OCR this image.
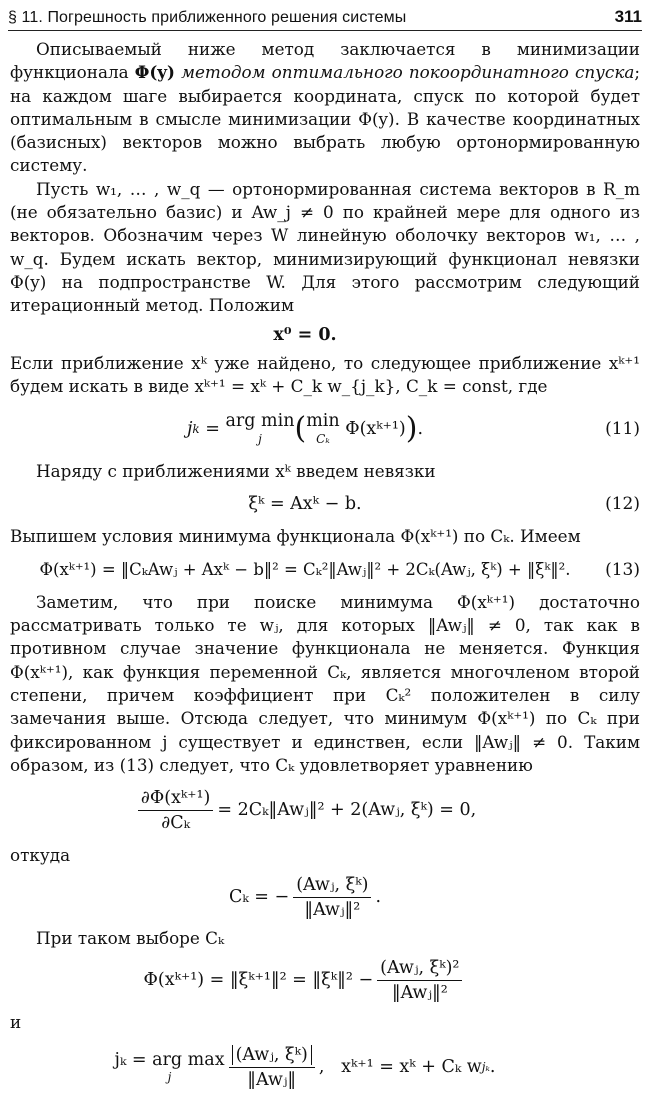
§ 11. Погрешность приближенного решения системы	311

Описываемый ниже метод заключается в минимизации функционала Φ(y) методом оптимального покоординатного спуска; на каждом шаге выбирается координата, спуск по которой будет оптимальным в смысле минимизации Φ(y). В качестве координатных (базисных) векторов можно выбрать любую ортонормированную систему.

Пусть w₁, … , w_q — ортонормированная система векторов в R_m (не обязательно базис) и Aw_j ≠ 0 по крайней мере для одного из векторов. Обозначим через W линейную оболочку векторов w₁, … , w_q. Будем искать вектор, минимизирующий функционал невязки Φ(y) на подпространстве W. Для этого рассмотрим следующий итерационный метод. Положим

x⁰ = 0.

Если приближение xᵏ уже найдено, то следующее приближение xᵏ⁺¹ будем искать в виде xᵏ⁺¹ = xᵏ + C_k w_{j_k}, C_k = const, где

j k = arg min
j	( min
Cₖ
Φ(xᵏ⁺¹) ) .	(11)

Наряду с приближениями xᵏ введем невязки

ξᵏ = Axᵏ − b.	(12)

Выпишем условия минимума функционала Φ(xᵏ⁺¹) по Cₖ. Имеем

Φ(xᵏ⁺¹) = ‖CₖAwⱼ + Axᵏ − b‖² = Cₖ²‖Awⱼ‖² + 2Cₖ(Awⱼ, ξᵏ) + ‖ξᵏ‖².	(13)

Заметим, что при поиске минимума Φ(xᵏ⁺¹) достаточно рассматривать только те wⱼ, для которых ‖Awⱼ‖ ≠ 0, так как в противном случае значение функционала не меняется. Функция Φ(xᵏ⁺¹), как функция переменной Cₖ, является многочленом второй степени, причем коэффициент при Cₖ² положителен в силу замечания выше. Отсюда следует, что минимум Φ(xᵏ⁺¹) по Cₖ при фиксированном j существует и единствен, если ‖Awⱼ‖ ≠ 0. Таким образом, из (13) следует, что Cₖ удовлетворяет уравнению

$\frac{\text{∂Φ(xᵏ⁺¹)}}{\text{∂Cₖ}}$ = 2Cₖ‖Awⱼ‖² + 2(Awⱼ, ξᵏ) = 0,
откуда
Cₖ = − $\frac{\text{(Awⱼ, ξᵏ)}}{\text{‖Awⱼ‖²}}$ .

При таком выборе Cₖ

Φ(xᵏ⁺¹) = ‖ξᵏ⁺¹‖² = ‖ξᵏ‖² − $\frac{\text{(Awⱼ, ξᵏ)²}}{\text{‖Awⱼ‖²}}$
и
jₖ = arg max
j	$\frac{\text{(Awⱼ, ξᵏ)}}{\text{‖Awⱼ‖}}$ ,
xᵏ⁺¹ = xᵏ + Cₖ w jₖ .
